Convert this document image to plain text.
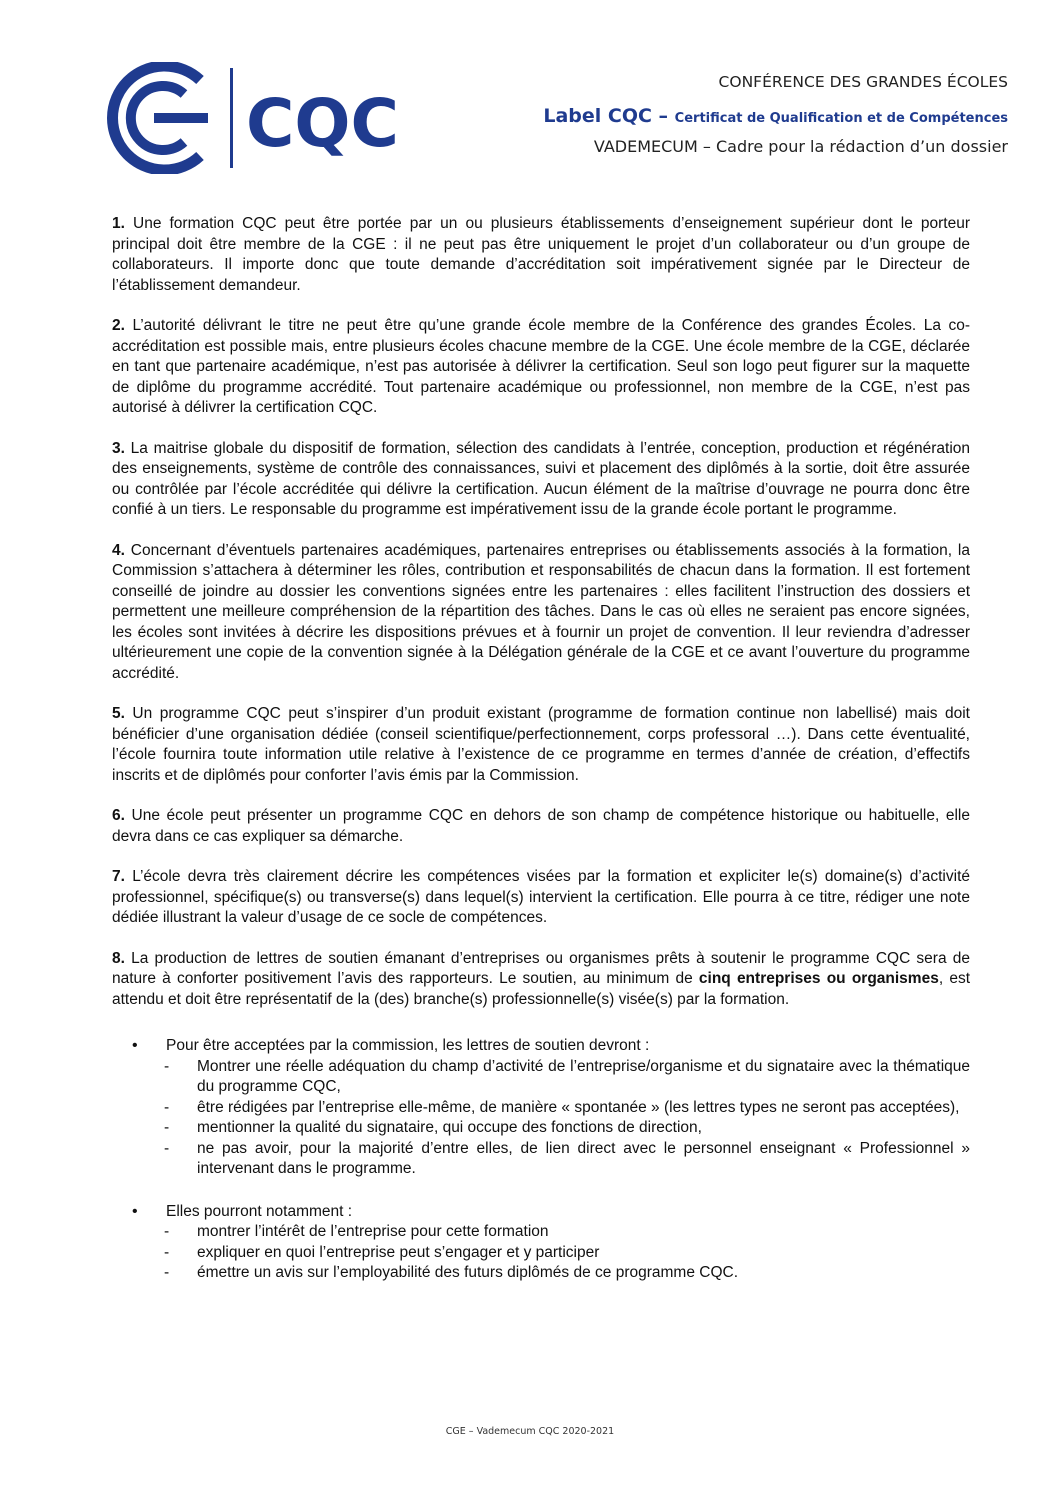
CQC
CONFÉRENCE DES GRANDES ÉCOLES
Label CQC – Certificat de Qualification et de Compétences
VADEMECUM – Cadre pour la rédaction d’un dossier

1. Une formation CQC peut être portée par un ou plusieurs établissements d’enseignement supérieur dont le porteur principal doit être membre de la CGE : il ne peut pas être uniquement le projet d’un collaborateur ou d’un groupe de collaborateurs. Il importe donc que toute demande d’accréditation soit impérativement signée par le Directeur de l’établissement demandeur.

2. L’autorité délivrant le titre ne peut être qu’une grande école membre de la Conférence des grandes Écoles. La co-accréditation est possible mais, entre plusieurs écoles chacune membre de la CGE. Une école membre de la CGE, déclarée en tant que partenaire académique, n’est pas autorisée à délivrer la certification. Seul son logo peut figurer sur la maquette de diplôme du programme accrédité. Tout partenaire académique ou professionnel, non membre de la CGE, n’est pas autorisé à délivrer la certification CQC.

3. La maitrise globale du dispositif de formation, sélection des candidats à l’entrée, conception, production et régénération des enseignements, système de contrôle des connaissances, suivi et placement des diplômés à la sortie, doit être assurée ou contrôlée par l’école accréditée qui délivre la certification. Aucun élément de la maîtrise d’ouvrage ne pourra donc être confié à un tiers. Le responsable du programme est impérativement issu de la grande école portant le programme.

4. Concernant d’éventuels partenaires académiques, partenaires entreprises ou établissements associés à la formation, la Commission s’attachera à déterminer les rôles, contribution et responsabilités de chacun dans la formation. Il est fortement conseillé de joindre au dossier les conventions signées entre les partenaires : elles facilitent l’instruction des dossiers et permettent une meilleure compréhension de la répartition des tâches. Dans le cas où elles ne seraient pas encore signées, les écoles sont invitées à décrire les dispositions prévues et à fournir un projet de convention. Il leur reviendra d’adresser ultérieurement une copie de la convention signée à la Délégation générale de la CGE et ce avant l’ouverture du programme accrédité.

5. Un programme CQC peut s’inspirer d’un produit existant (programme de formation continue non labellisé) mais doit bénéficier d’une organisation dédiée (conseil scientifique/perfectionnement, corps professoral …). Dans cette éventualité, l’école fournira toute information utile relative à l’existence de ce programme en termes d’année de création, d’effectifs inscrits et de diplômés pour conforter l’avis émis par la Commission.

6. Une école peut présenter un programme CQC en dehors de son champ de compétence historique ou habituelle, elle devra dans ce cas expliquer sa démarche.

7. L’école devra très clairement décrire les compétences visées par la formation et expliciter le(s) domaine(s) d’activité professionnel, spécifique(s) ou transverse(s) dans lequel(s) intervient la certification. Elle pourra à ce titre, rédiger une note dédiée illustrant la valeur d’usage de ce socle de compétences.

8. La production de lettres de soutien émanant d’entreprises ou organismes prêts à soutenir le programme CQC sera de nature à conforter positivement l’avis des rapporteurs. Le soutien, au minimum de cinq entreprises ou organismes, est attendu et doit être représentatif de la (des) branche(s) professionnelle(s) visée(s) par la formation.

• Pour être acceptées par la commission, les lettres de soutien devront :
- Montrer une réelle adéquation du champ d’activité de l’entreprise/organisme et du signataire avec la thématique du programme CQC,
- être rédigées par l’entreprise elle-même, de manière « spontanée » (les lettres types ne seront pas acceptées),
- mentionner la qualité du signataire, qui occupe des fonctions de direction,
- ne pas avoir, pour la majorité d’entre elles, de lien direct avec le personnel enseignant « Professionnel » intervenant dans le programme.
• Elles pourront notamment :
- montrer l’intérêt de l’entreprise pour cette formation
- expliquer en quoi l’entreprise peut s’engager et y participer
- émettre un avis sur l’employabilité des futurs diplômés de ce programme CQC.
CGE – Vademecum CQC 2020-2021
